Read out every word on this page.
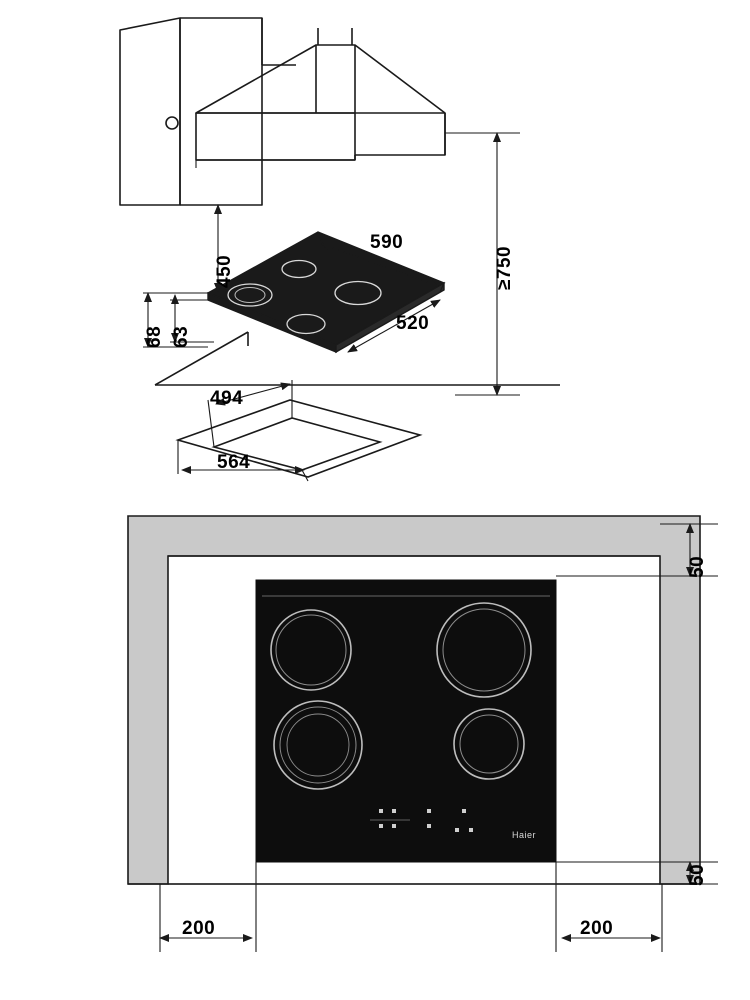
450	≥750
590
520
68 63
494
564
50
50
200	200
Haier
